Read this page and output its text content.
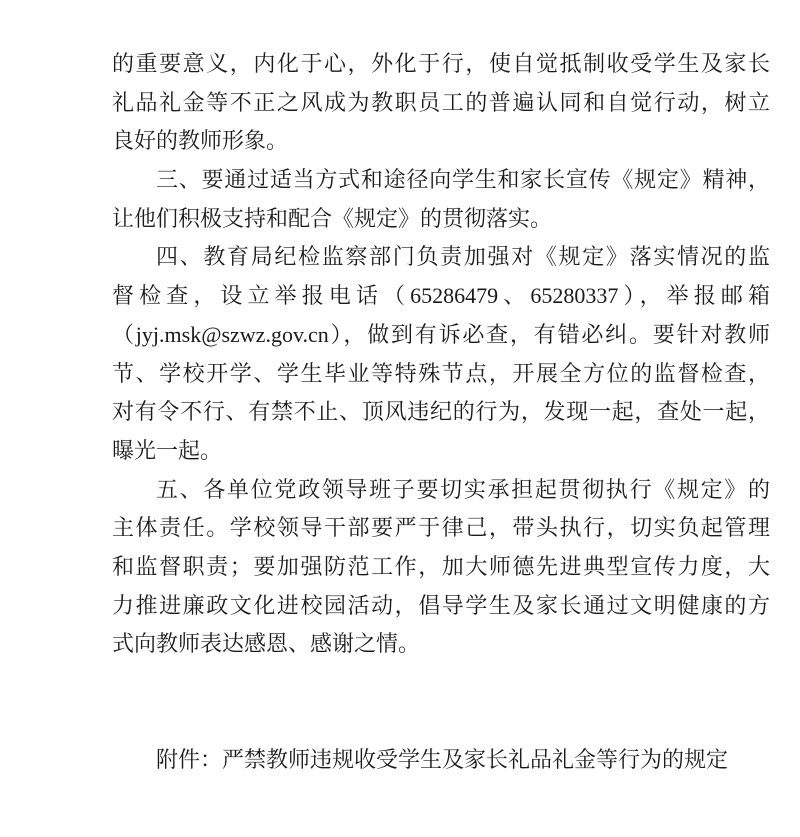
的重要意义，内化于心，外化于行，使自觉抵制收受学生及家长
礼品礼金等不正之风成为教职员工的普遍认同和自觉行动，树立
良好的教师形象。
三、要通过适当方式和途径向学生和家长宣传《规定》精神，
让他们积极支持和配合《规定》的贯彻落实。
四、教育局纪检监察部门负责加强对《规定》落实情况的监
督检查，设立举报电话（65286479、65280337），举报邮箱
（jyj.msk@szwz.gov.cn），做到有诉必查，有错必纠。要针对教师
节、学校开学、学生毕业等特殊节点，开展全方位的监督检查，
对有令不行、有禁不止、顶风违纪的行为，发现一起，查处一起，
曝光一起。
五、各单位党政领导班子要切实承担起贯彻执行《规定》的
主体责任。学校领导干部要严于律己，带头执行，切实负起管理
和监督职责；要加强防范工作，加大师德先进典型宣传力度，大
力推进廉政文化进校园活动，倡导学生及家长通过文明健康的方
式向教师表达感恩、感谢之情。
附件：严禁教师违规收受学生及家长礼品礼金等行为的规定
